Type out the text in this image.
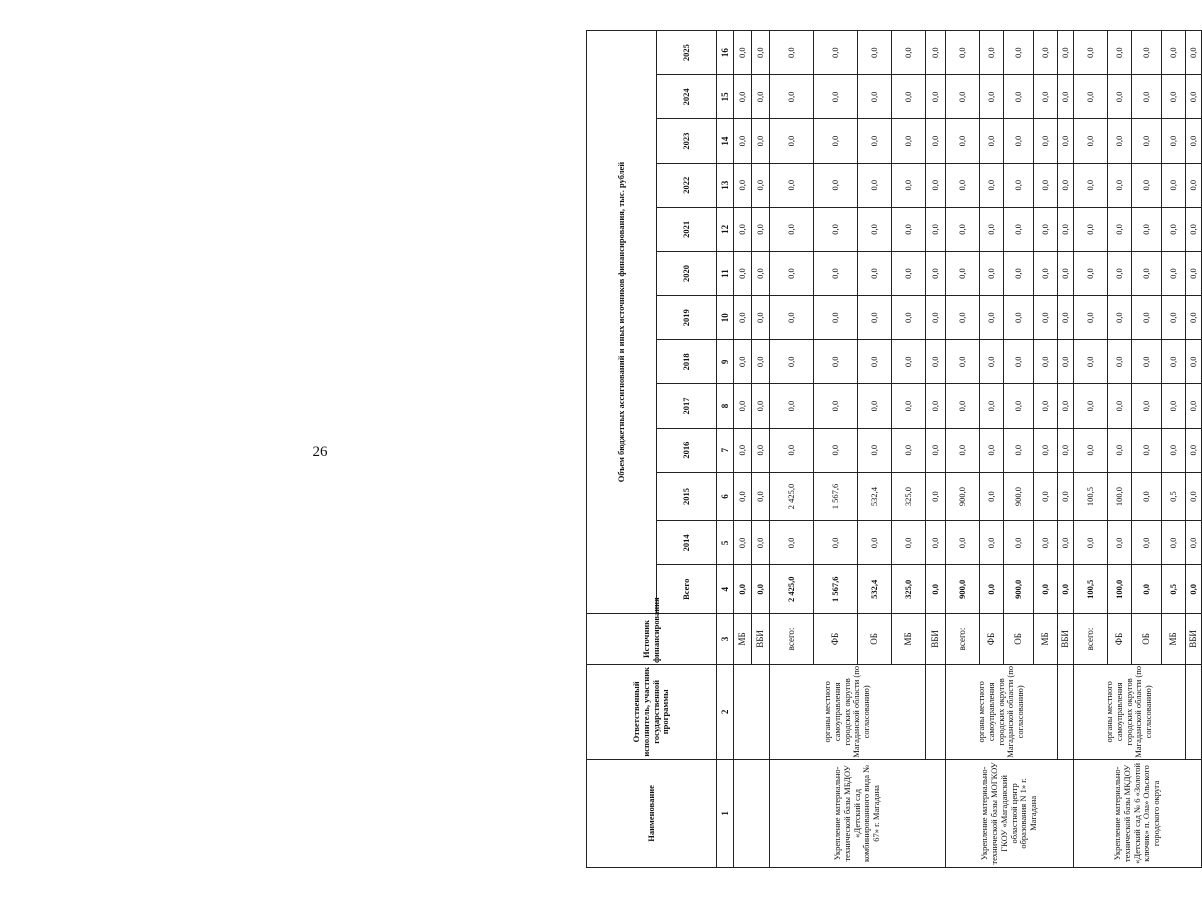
26
Наименование	Ответственный исполнитель, участник государственной программы	Источник финансирования	Объем бюджетных ассигнований и иных источников финансирования, тыс. рублей												
			Всего	2014	2015	2016	2017	2018	2019	2020	2021	2022	2023	2024	2025
1	2	3	4	5	6	7	8	9	10	11	12	13	14	15	16
		МБ	0,0	0,0	0,0	0,0	0,0	0,0	0,0	0,0	0,0	0,0	0,0	0,0	0,0
		ВБИ	0,0	0,0	0,0	0,0	0,0	0,0	0,0	0,0	0,0	0,0	0,0	0,0	0,0
Укрепление материально-технической базы МБДОУ «Детский сад комбинированного вида № 67» г. Магадана	органы местного самоуправления городских округов Магаданской области (по согласованию)	всего:	2 425,0	0,0	2 425,0	0,0	0,0	0,0	0,0	0,0	0,0	0,0	0,0	0,0	0,0
		ФБ	1 567,6	0,0	1 567,6	0,0	0,0	0,0	0,0	0,0	0,0	0,0	0,0	0,0	0,0
		ОБ	532,4	0,0	532,4	0,0	0,0	0,0	0,0	0,0	0,0	0,0	0,0	0,0	0,0
		МБ	325,0	0,0	325,0	0,0	0,0	0,0	0,0	0,0	0,0	0,0	0,0	0,0	0,0
		ВБИ	0,0	0,0	0,0	0,0	0,0	0,0	0,0	0,0	0,0	0,0	0,0	0,0	0,0
Укрепление материально-технической базы МОГКОУ ГКОУ «Магаданский областной центр образования N 1» г. Магадана	органы местного самоуправления городских округов Магаданской области (по согласованию)	всего:	900,0	0,0	900,0	0,0	0,0	0,0	0,0	0,0	0,0	0,0	0,0	0,0	0,0
		ФБ	0,0	0,0	0,0	0,0	0,0	0,0	0,0	0,0	0,0	0,0	0,0	0,0	0,0
		ОБ	900,0	0,0	900,0	0,0	0,0	0,0	0,0	0,0	0,0	0,0	0,0	0,0	0,0
		МБ	0,0	0,0	0,0	0,0	0,0	0,0	0,0	0,0	0,0	0,0	0,0	0,0	0,0
		ВБИ	0,0	0,0	0,0	0,0	0,0	0,0	0,0	0,0	0,0	0,0	0,0	0,0	0,0
Укрепление материально-технической базы МКДОУ «Детский сад № 6 «Золотой ключик» п. Ола» Ольского городского округа	органы местного самоуправления городских округов Магаданской области (по согласованию)	всего:	100,5	0,0	100,5	0,0	0,0	0,0	0,0	0,0	0,0	0,0	0,0	0,0	0,0
		ФБ	100,0	0,0	100,0	0,0	0,0	0,0	0,0	0,0	0,0	0,0	0,0	0,0	0,0
		ОБ	0,0	0,0	0,0	0,0	0,0	0,0	0,0	0,0	0,0	0,0	0,0	0,0	0,0
		МБ	0,5	0,0	0,5	0,0	0,0	0,0	0,0	0,0	0,0	0,0	0,0	0,0	0,0
		ВБИ	0,0	0,0	0,0	0,0	0,0	0,0	0,0	0,0	0,0	0,0	0,0	0,0	0,0
